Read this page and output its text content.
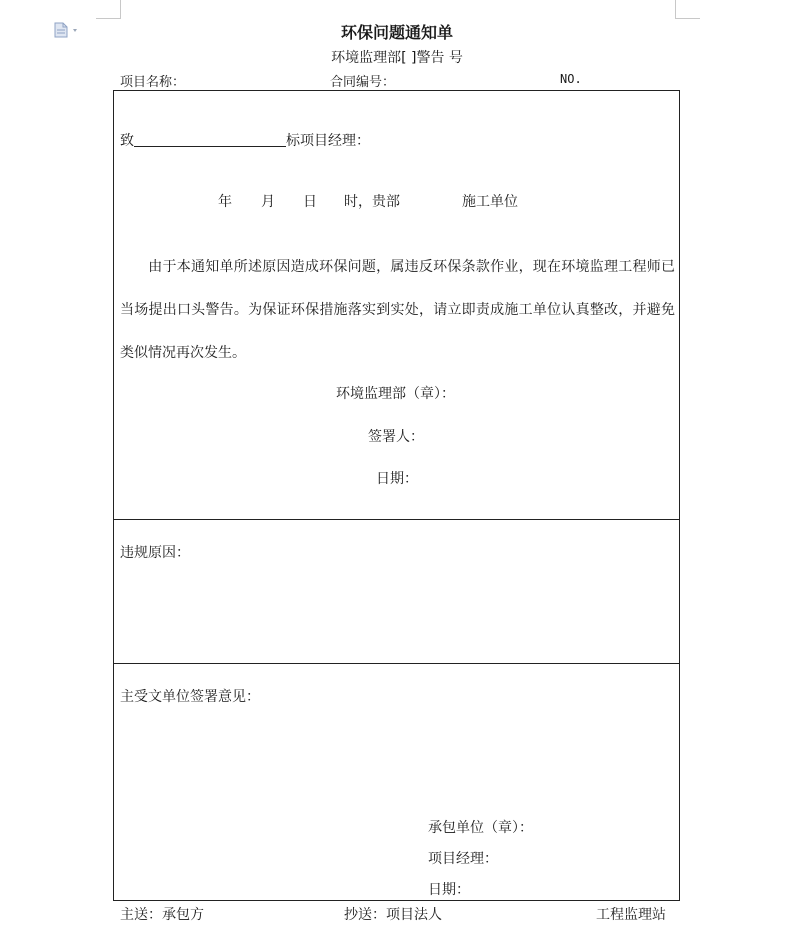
环保问题通知单
环境监理部[ ]警告 号
项目名称：	合同编号：	NO.
致	标项目经理：
年 月 日 时，贵部	施工单位
由于本通知单所述原因造成环保问题，属违反环保条款作业，现在环境监理工程师已当场提出口头警告。为保证环保措施落实到实处，请立即责成施工单位认真整改，并避免类似情况再次发生。
环境监理部（章）：
签署人：
日期：
违规原因：
主受文单位签署意见：
承包单位（章）：
项目经理：
日期：
主送：承包方	抄送：项目法人	工程监理站
